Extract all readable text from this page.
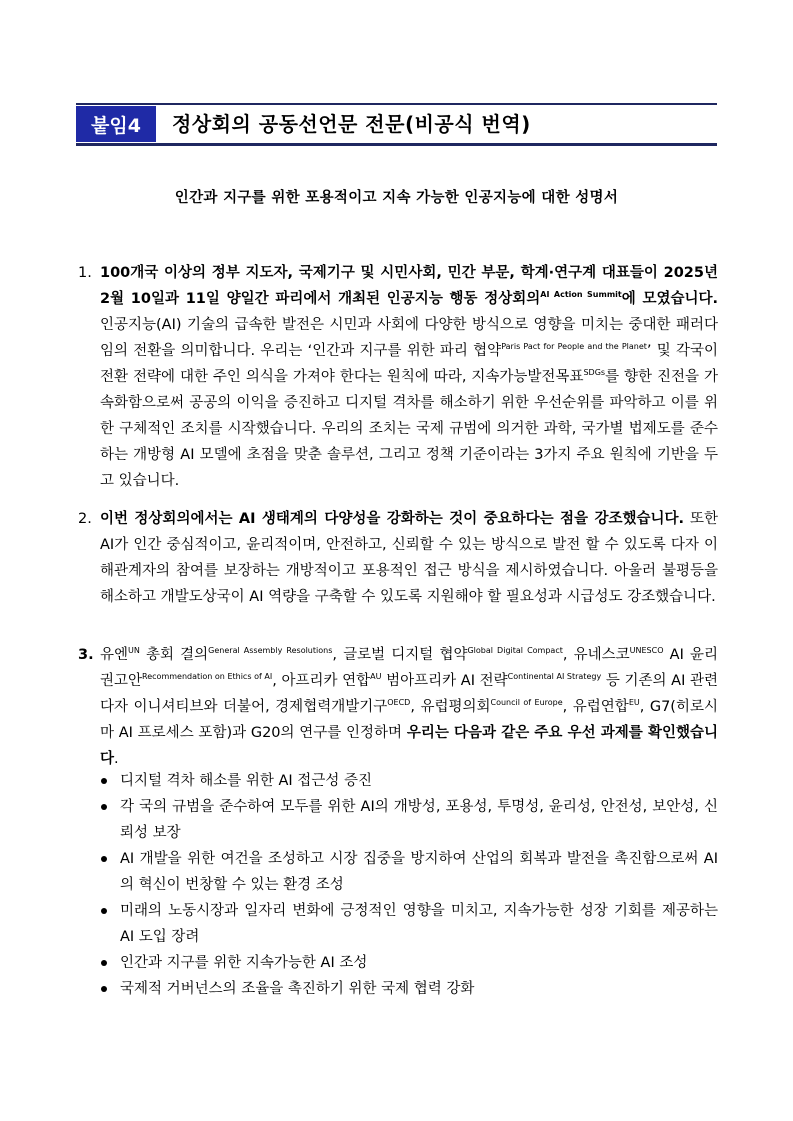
붙임4	정상회의 공동선언문 전문(비공식 번역)
인간과 지구를 위한 포용적이고 지속 가능한 인공지능에 대한 성명서
1. 100개국 이상의 정부 지도자, 국제기구 및 시민사회, 민간 부문, 학계·연구계 대표들이 2025년 2월 10일과 11일 양일간 파리에서 개최된 인공지능 행동 정상회의$^{AI Action Summit}$에 모였습니다. 인공지능(AI) 기술의 급속한 발전은 시민과 사회에 다양한 방식으로 영향을 미치는 중대한 패러다임의 전환을 의미합니다. 우리는 ‘인간과 지구를 위한 파리 협약$^{Paris Pact for People and the Planet}$’ 및 각국이 전환 전략에 대한 주인 의식을 가져야 한다는 원칙에 따라, 지속가능발전목표$^{SDGs}$를 향한 진전을 가속화함으로써 공공의 이익을 증진하고 디지털 격차를 해소하기 위한 우선순위를 파악하고 이를 위한 구체적인 조치를 시작했습니다. 우리의 조치는 국제 규범에 의거한 과학, 국가별 법제도를 준수하는 개방형 AI 모델에 초점을 맞춘 솔루션, 그리고 정책 기준이라는 3가지 주요 원칙에 기반을 두고 있습니다.
2. 이번 정상회의에서는 AI 생태계의 다양성을 강화하는 것이 중요하다는 점을 강조했습니다. 또한 AI가 인간 중심적이고, 윤리적이며, 안전하고, 신뢰할 수 있는 방식으로 발전 할 수 있도록 다자 이해관계자의 참여를 보장하는 개방적이고 포용적인 접근 방식을 제시하였습니다. 아울러 불평등을 해소하고 개발도상국이 AI 역량을 구축할 수 있도록 지원해야 할 필요성과 시급성도 강조했습니다.
3. 유엔$^{UN}$ 총회 결의$^{General Assembly Resolutions}$, 글로벌 디지털 협약$^{Global Digital Compact}$, 유네스코$^{UNESCO}$ AI 윤리 권고안$^{Recommendation on Ethics of AI}$, 아프리카 연합$^{AU}$ 범아프리카 AI 전략$^{Continental AI Strategy}$ 등 기존의 AI 관련 다자 이니셔티브와 더불어, 경제협력개발기구$^{OECD}$, 유럽평의회$^{Council of Europe}$, 유럽연합$^{EU}$, G7(히로시마 AI 프로세스 포함)과 G20의 연구를 인정하며 우리는 다음과 같은 주요 우선 과제를 확인했습니다.
디지털 격차 해소를 위한 AI 접근성 증진
각 국의 규범을 준수하여 모두를 위한 AI의 개방성, 포용성, 투명성, 윤리성, 안전성, 보안성, 신뢰성 보장
AI 개발을 위한 여건을 조성하고 시장 집중을 방지하여 산업의 회복과 발전을 촉진함으로써 AI의 혁신이 번창할 수 있는 환경 조성
미래의 노동시장과 일자리 변화에 긍정적인 영향을 미치고, 지속가능한 성장 기회를 제공하는 AI 도입 장려
인간과 지구를 위한 지속가능한 AI 조성
국제적 거버넌스의 조율을 촉진하기 위한 국제 협력 강화
